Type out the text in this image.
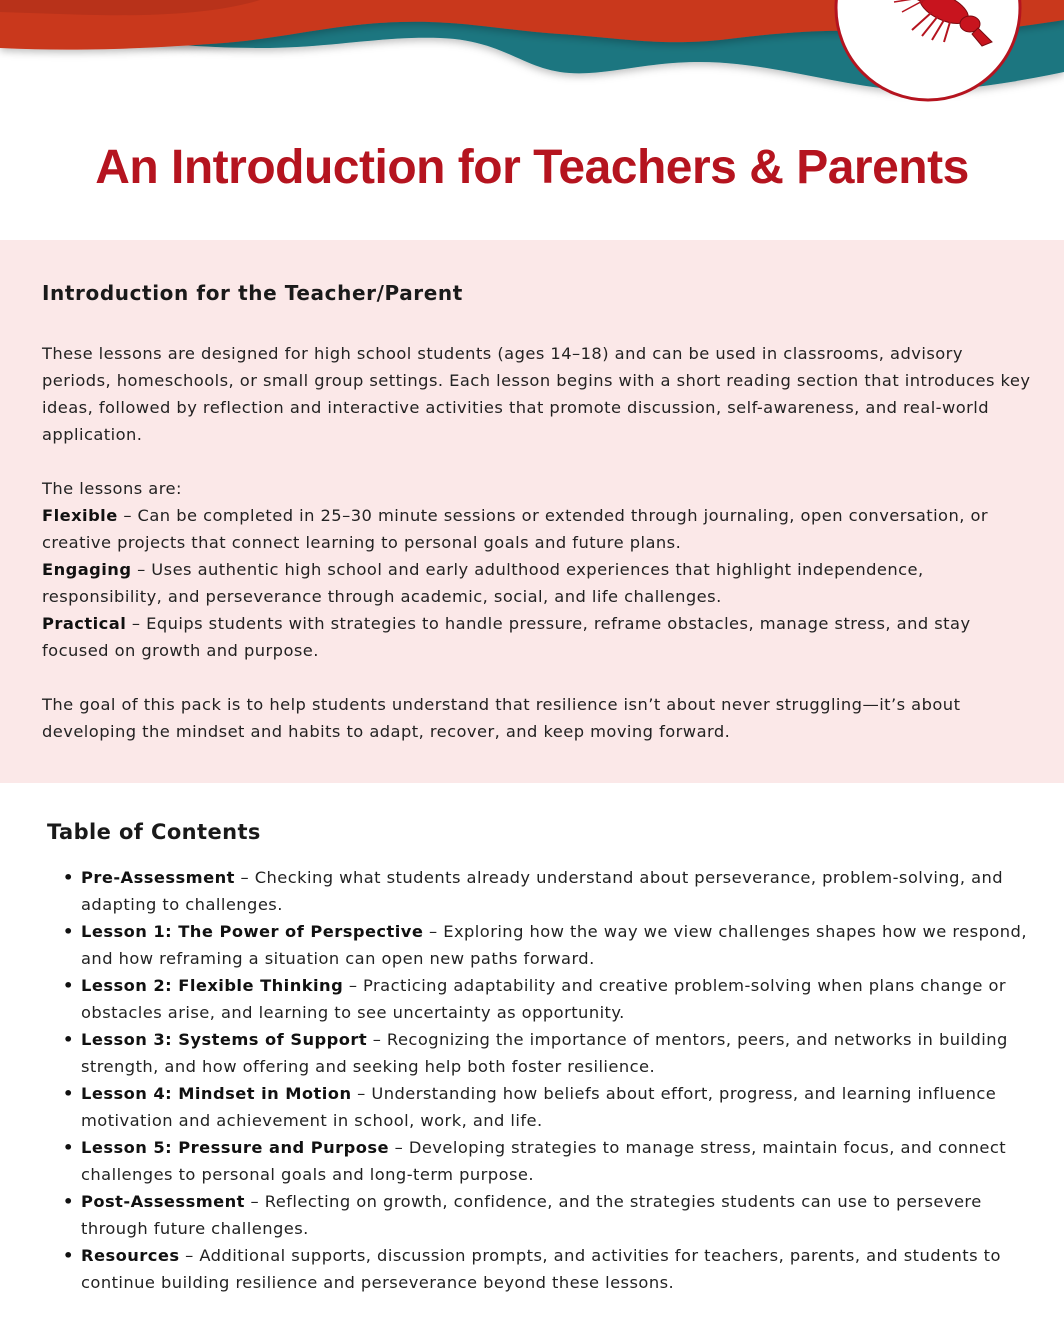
An Introduction for Teachers & Parents
Introduction for the Teacher/Parent

These lessons are designed for high school students (ages 14–18) and can be used in classrooms, advisory periods, homeschools, or small group settings. Each lesson begins with a short reading section that introduces key ideas, followed by reflection and interactive activities that promote discussion, self-awareness, and real-world application.

The lessons are:

Flexible – Can be completed in 25–30 minute sessions or extended through journaling, open conversation, or creative projects that connect learning to personal goals and future plans.

Engaging – Uses authentic high school and early adulthood experiences that highlight independence, responsibility, and perseverance through academic, social, and life challenges.

Practical – Equips students with strategies to handle pressure, reframe obstacles, manage stress, and stay focused on growth and purpose.

The goal of this pack is to help students understand that resilience isn’t about never struggling—it’s about developing the mindset and habits to adapt, recover, and keep moving forward.

Table of Contents
• Pre-Assessment – Checking what students already understand about perseverance, problem-solving, and adapting to challenges.
• Lesson 1: The Power of Perspective – Exploring how the way we view challenges shapes how we respond, and how reframing a situation can open new paths forward.
• Lesson 2: Flexible Thinking – Practicing adaptability and creative problem-solving when plans change or obstacles arise, and learning to see uncertainty as opportunity.
• Lesson 3: Systems of Support – Recognizing the importance of mentors, peers, and networks in building strength, and how offering and seeking help both foster resilience.
• Lesson 4: Mindset in Motion – Understanding how beliefs about effort, progress, and learning influence motivation and achievement in school, work, and life.
• Lesson 5: Pressure and Purpose – Developing strategies to manage stress, maintain focus, and connect challenges to personal goals and long-term purpose.
• Post-Assessment – Reflecting on growth, confidence, and the strategies students can use to persevere through future challenges.
• Resources – Additional supports, discussion prompts, and activities for teachers, parents, and students to continue building resilience and perseverance beyond these lessons.
